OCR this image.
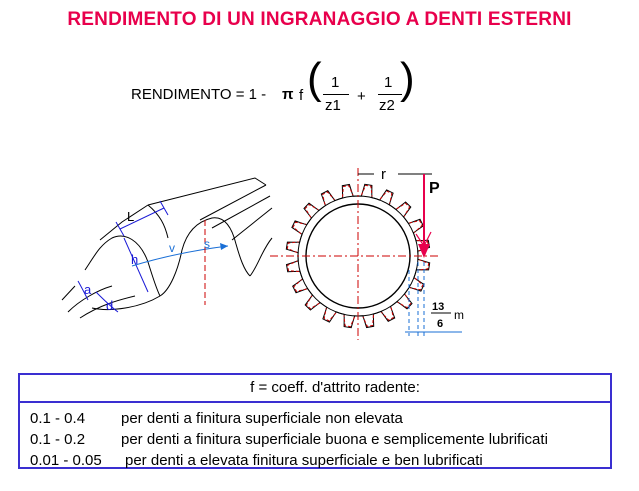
RENDIMENTO DI UN INGRANAGGIO A DENTI ESTERNI
RENDIMENTO = 1 - π f ( 1
z1
+
1
z2
)
L
h
v s
a
d
r
P
13
6
m
f = coeff. d'attrito radente:
0.1 - 0.4 per denti a finitura superficiale non elevata
0.1 - 0.2 per denti a finitura superficiale buona e semplicemente lubrificati
0.01 - 0.05 per denti a elevata finitura superficiale e ben lubrificati
